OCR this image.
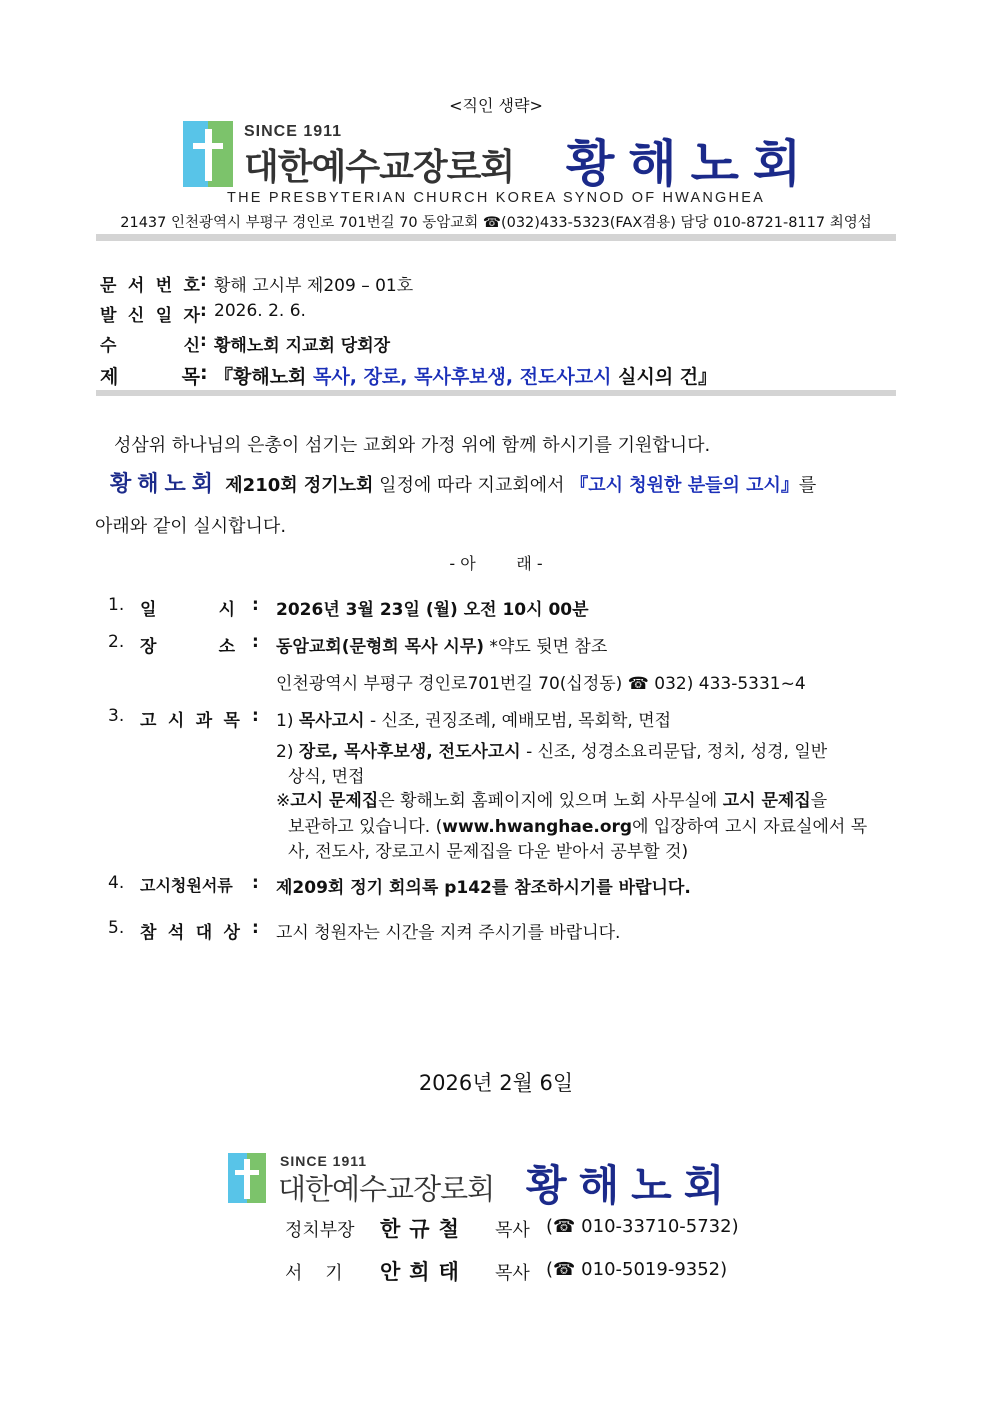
<직인 생략>
SINCE 1911
대한예수교장로회 황해노회
THE PRESBYTERIAN CHURCH KOREA SYNOD OF HWANGHEA
21437 인천광역시 부평구 경인로 701번길 70 동암교회 ☎(032)433-5323(FAX겸용) 담당 010-8721-8117 최영섭
문 서 번 호 : 황해 고시부 제209 – 01호
발 신 일 자 : 2026. 2. 6.
수	신 : 황해노회 지교회 당회장
제	목 : 『황해노회 목사, 장로, 목사후보생, 전도사고시 실시의 건』
성삼위 하나님의 은총이 섬기는 교회와 가정 위에 함께 하시기를 기원합니다.
황해노회 제210회 정기노회 일정에 따라 지교회에서 『고시 청원한 분들의 고시』를
아래와 같이 실시합니다.
- 아        래 -
1. 일	시 : 2026년 3월 23일 (월) 오전 10시 00분
2. 장	소 : 동암교회(문형희 목사 시무) *약도 뒷면 참조
인천광역시 부평구 경인로701번길 70(십정동) ☎ 032) 433-5331~4
3. 고 시 과 목 : 1) 목사고시 - 신조, 권징조례, 예배모범, 목회학, 면접
2) 장로, 목사후보생, 전도사고시 - 신조, 성경소요리문답, 정치, 성경, 일반
상식, 면접
※고시 문제집은 황해노회 홈페이지에 있으며 노회 사무실에 고시 문제집을
보관하고 있습니다. (www.hwanghae.org에 입장하여 고시 자료실에서 목
사, 전도사, 장로고시 문제집을 다운 받아서 공부할 것)
4. 고시청원서류	: 제209회 정기 회의록 p142를 참조하시기를 바랍니다.
5. 참 석 대 상 : 고시 청원자는 시간을 지켜 주시기를 바랍니다.
2026년 2월 6일
SINCE 1911
대한예수교장로회 황해노회
정치부장 한규철 목사 (☎ 010-33710-5732)
서    기 안희태 목사 (☎ 010-5019-9352)
